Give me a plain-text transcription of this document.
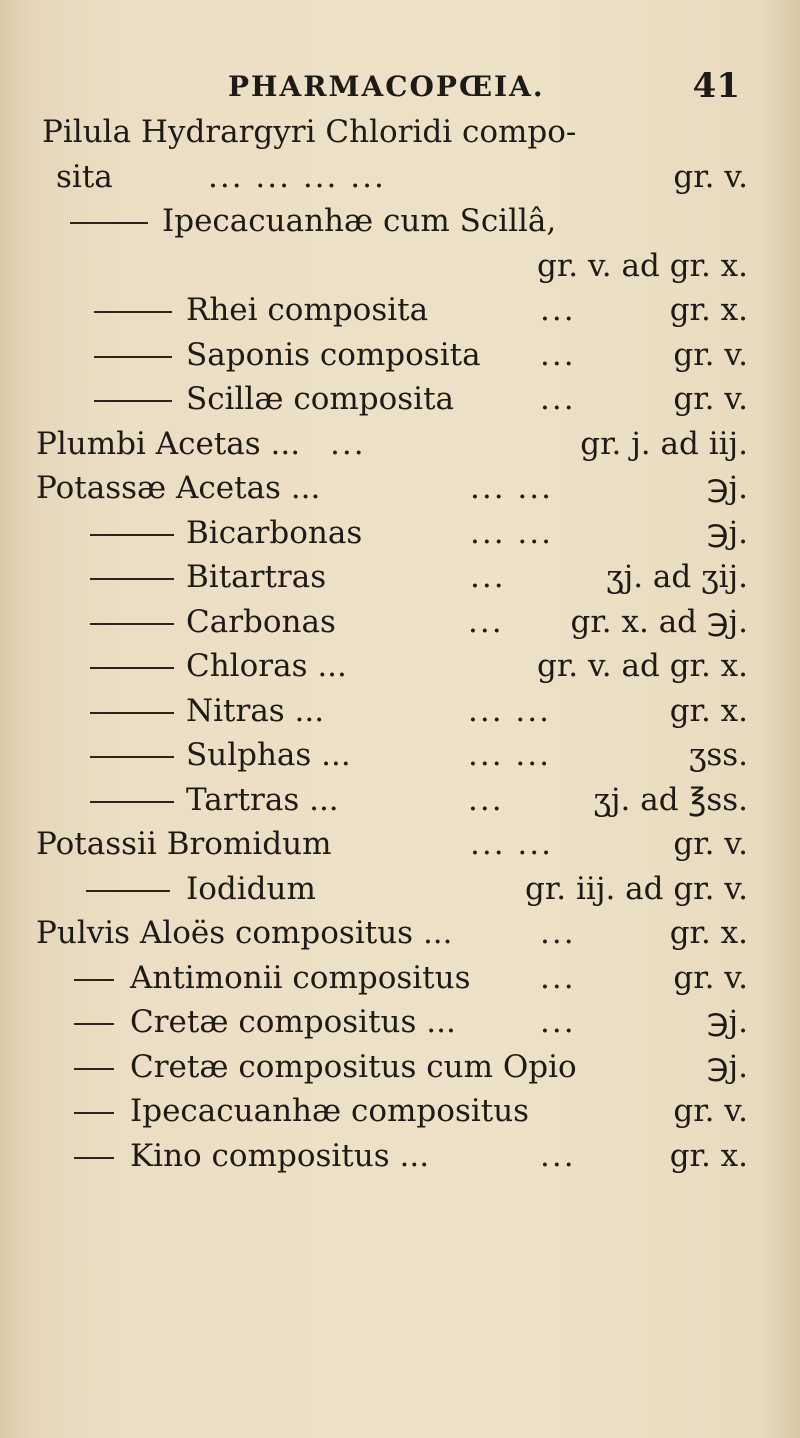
PHARMACOPŒIA.	41
Pilula Hydrargyri Chloridi compo-
sita	... ... ... ...	gr. v.
Ipecacuanhæ cum Scillâ,
gr. v. ad gr. x.
Rhei composita	...	gr. x.
Saponis composita ...	gr. v.
Scillæ composita	...	gr. v.
Plumbi Acetas ... ...	gr. j. ad iij.
Potassæ Acetas ...	... ...	℈j.
Bicarbonas	... ...	℈j.
Bitartras	...	ʒj. ad ʒij.
Carbonas	... gr. x. ad ℈j.
Chloras ...	gr. v. ad gr. x.
Nitras ...	... ...	gr. x.
Sulphas ...	... ...	ʒss.
Tartras ...	...	ʒj. ad ℥ss.
Potassii Bromidum	... ...	gr. v.
Iodidum	gr. iij. ad gr. v.
Pulvis Aloës compositus ...	...	gr. x.
Antimonii compositus ...	gr. v.
Cretæ compositus ...	...	℈j.
Cretæ compositus cum Opio	℈j.
Ipecacuanhæ compositus	gr. v.
Kino compositus ...	...	gr. x.
